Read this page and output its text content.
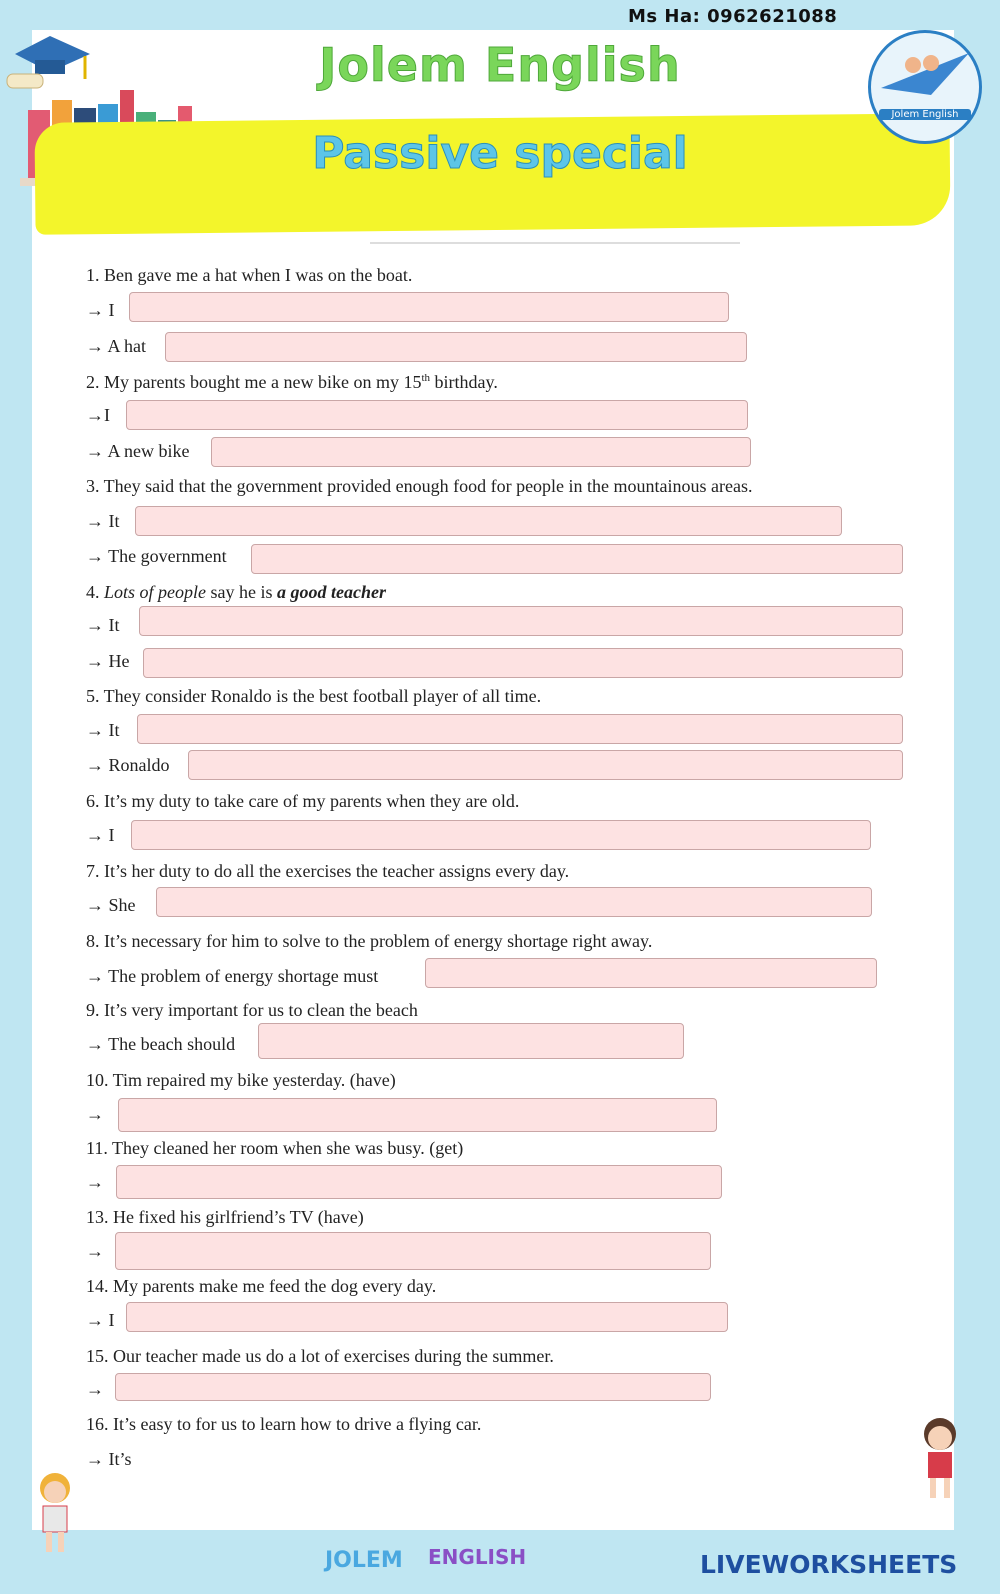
Ms Ha: 0962621088
Jolem English
Passive special
Jolem English
1. Ben gave me a hat when I was on the boat.
→ I
→ A hat
2. My parents bought me a new bike on my 15th birthday.
→I
→ A new bike
3. They said that the government provided enough food for people in the mountainous areas.
→ It
→ The government
4. Lots of people say he is a good teacher
→ It
→ He
5. They consider Ronaldo is the best football player of all time.
→ It
→ Ronaldo
6. It’s my duty to take care of my parents when they are old.
→ I
7. It’s her duty to do all the exercises the teacher assigns every day.
→ She
8. It’s necessary for him to solve to the problem of energy shortage right away.
→ The problem of energy shortage must
9. It’s very important for us to clean the beach
→ The beach should
10. Tim repaired my bike yesterday. (have)
→
11. They cleaned her room when she was busy. (get)
→
13. He fixed his girlfriend’s TV (have)
→
14. My parents make me feed the dog every day.
→ I
15. Our teacher made us do a lot of exercises during the summer.
→
16. It’s easy to for us to learn how to drive a flying car.
→ It’s
JOLEM ENGLISH	LIVEWORKSHEETS
